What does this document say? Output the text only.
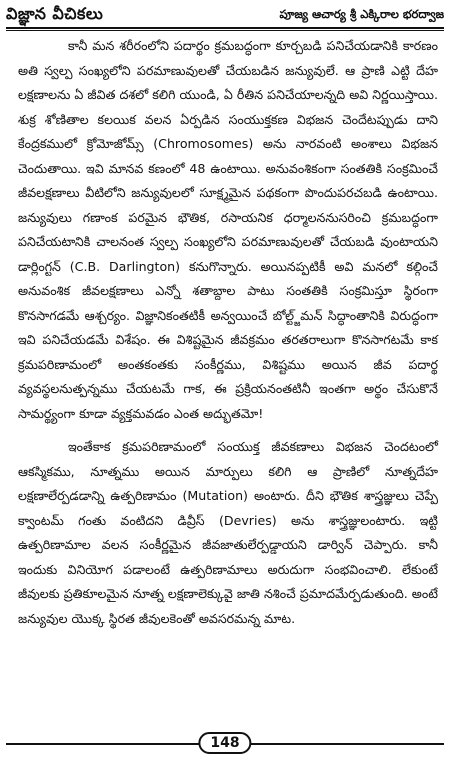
విజ్ఞాన వీచికలు	పూజ్య ఆచార్య శ్రీ ఎక్కిరాల భరద్వాజ

కానీ మన శరీరంలోని పదార్థం క్రమబద్ధంగా కూర్చబడి పనిచేయడానికి కారణం అతి స్వల్ప సంఖ్యలోని పరమాణువులతో చేయబడిన జన్యువులే. ఆ ప్రాణి ఎట్టి దేహ లక్షణాలను ఏ జీవిత దశలో కలిగి యుండి, ఏ రీతిన పనిచేయాలన్నది అవి నిర్ణయిస్తాయి. శుక్ర శోణితాల కలయిక వలన ఏర్పడిన సంయుక్తకణ విభజన చెందేటప్పుడు దాని కేంద్రకములో క్రోమోజోమ్స్ (Chromosomes) అను నారవంటి అంశాలు విభజన చెందుతాయి. ఇవి మానవ కణంలో 48 ఉంటాయి. అనువంశికంగా సంతతికి సంక్రమించే జీవలక్షణాలు వీటిలోని జన్యువులలో సూక్ష్మమైన పథకంగా పొందుపరచబడి ఉంటాయి. జన్యువులు గణాంక పరమైన భౌతిక, రసాయనిక ధర్మాలననుసరించి క్రమబద్ధంగా పనిచేయటానికి చాలనంత స్వల్ప సంఖ్యలోని పరమాణువులతో చేయబడి వుంటాయని డార్లింగ్టన్ (C.B. Darlington) కనుగొన్నారు. అయినప్పటికీ అవి మనలో కల్గించే అనువంశిక జీవలక్షణాలు ఎన్నో శతాబ్దాల పాటు సంతతికి సంక్రమిస్తూ స్థిరంగా కొనసాగడమే ఆశ్చర్యం. విజ్ఞానికంతటికీ అన్వయించే బోల్ట్జ్‌మన్ సిద్ధాంతానికి విరుద్ధంగా ఇవి పనిచేయడమే విశేషం. ఈ విశిష్టమైన జీవక్రమం తరతరాలుగా కొనసాగటమే కాక క్రమపరిణామంలో అంతకంతకు సంకీర్ణము, విశిష్టము అయిన జీవ పదార్థ వ్యవస్థలనుత్పన్నము చేయటమే గాక, ఈ ప్రక్రియనంతటినీ ఇంతగా అర్థం చేసుకొనే సామర్థ్యంగా కూడా వ్యక్తమవడం ఎంత అద్భుతమో!

ఇంతేకాక క్రమపరిణామంలో సంయుక్త జీవకణాలు విభజన చెందటంలో ఆకస్మికము, నూత్నము అయిన మార్పులు కలిగి ఆ ప్రాణిలో నూత్నదేహ లక్షణాలేర్పడడాన్ని ఉత్పరిణామం (Mutation) అంటారు. దీని భౌతిక శాస్త్రజ్ఞులు చెప్పే క్వాంటమ్ గంతు వంటిదని డివ్రీస్ (Devries) అను శాస్త్రజ్ఞులంటారు. ఇట్టి ఉత్పరిణామాల వలన సంకీర్ణమైన జీవజాతులేర్పడ్డాయని డార్విన్ చెప్పారు. కానీ ఇందుకు వినియోగ పడాలంటే ఉత్పరిణామాలు అరుదుగా సంభవించాలి. లేకుంటే జీవులకు ప్రతికూలమైన నూత్న లక్షణాలెక్కువై జాతి నశించే ప్రమాదమేర్పడుతుంది. అంటే జన్యువుల యొక్క స్థిరత జీవులకెంతో అవసరమన్న మాట.

148
